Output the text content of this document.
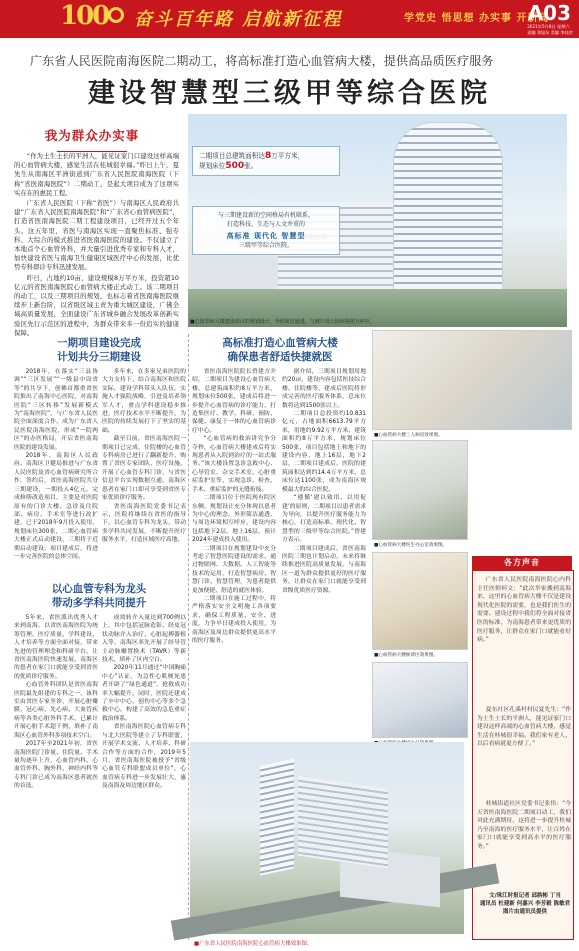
100 奋斗百年路 启航新征程	学党史 悟思想 办实事 开新局
A03
2021年5月8日 星期六
责编 刘旭东 美编 李佳彦
广东省人民医院南海医院二期动工，将高标准打造心血管病大楼，提供高品质医疗服务
建设智慧型三级甲等综合医院
我为群众办实事

“作为土生土长的平洲人，能见证家门口建设这样高端的心血管病大楼，感觉生活在桂城很幸福。”昨日上午，夏先生从南海区平洲街道到广东省人民医院南海医院（下称“省医南海医院”）二期动工，是起大项目成为了这项实实在在的惠民工程。

广东省人民医院（下称“省医”）与南海区人民政府共建“广东省人民医院南海医院”和“广东省心血管病医院”，打造省医南海医院二期工程建设项目，已经开过五个年头。这五年里，省医与南海区实现一直聚焦标准、强专科、大综合的模式推进省医南海医院的建设。不仅建立了本地首个心血管外科，并大量引进优秀专家和专科人才，加快建设省医与南海卫生健康区域医疗中心的发展，比优势专科即诊专科迅速发展。

昨日，占地约10亩，建设规模8万平方米，投资超10亿元的省医南海医院心血管病大楼正式动工。该二期项目的动工，以及三期项目的规划，也标志着省医南海医院继续步上新台阶，以省级区域主责为重大城区建设，广佛全域高质量发展，全面建设广东省城乡融合发展改革创新实验区先行示范区的进程中，为群众带来多一份追实的健康保障。

二期项目总建筑面积达8万平方米，
规划床位500张。
与三期建设新的空间格局有机联系，
打造科技、生态与人文并重的
高标准 现代化 智慧型
三级甲等综合医院。
■心血管病大楼建设项目的规划设计，外形简洁通透，与被片周公园环境相互呼应。
一期项目建设完成
计划共分三期建设

2018年，在落实“三县协调”“三区发展”“一级县中设省等”的共享下，创佛首都重省医院推出了南海中心医院，对南海医院“三区转移”发展新模式为“南海医院”，与广东省人民医院全面深度合作，成为广东省人民医院南海医院，形成“一院两区”的办医格局，开启省医南海医院的建设发展。

2018年，南海区人民政府、南海区卫健局推进与广东省人民医院及省心血管病研究所合作，签约后，省医南海医院共分三期建设，一期投入4亿元，完成修缮改造项目，主要是对医院原有的门诊大楼、急诊及住院部、病房、手术室等进行改扩建，已于2018年9月投入使用，规划床位300张，二期心血管病大楼正式启动建设，三期将于近期启动建设，项目建成后，将进一步完善医院的总体空间。

以心血管专科为龙头
带动多学科共同提升

5年来，省医派出优秀人才来到南海，以省医南海医院为统筹管理、医疗质量、学科建设，人才培养等方面全面对接，带来先进的管理理念和科研平台，让省医南海医院快速发展，南海区的患者在家门口就能享受到省医的优质诊疗服务。

心血管外科团队是省医南海医院最先组建的专科之一，该科室由省医专家坐诊，开展心脏瓣膜、冠心病、先心病、大血管疾病等各类心脏外科手术，已累计开展心脏手术超千例，填补了南海区心血管外科多项技术空白。

2017年至2021年初，省医南海医院门诊量、住院量、手术量均逐年上升，心血管内科、心血管外科、胸外科、神经内科等专科门诊已成为南海区患者就医的首选。

多年来，在多家兄弟医院的大力支持下，结合南海区和医院实际，建设学科带头人队伍，实施人才强院战略，引进及培养领军人才，重点学科建设稳步推进，医疗技术水平不断提升，为医院的持续发展打下了坚实的基础。

截至目前，省医南海医院一期项目已完成，住院楼的心血管专科病房已进行了翻新提升，购置了省医专家团队、医疗设施，开展了心血管专科门诊，与省医信息平台实现数据互通，南海区患者在家门口即可享受到省医专家优质诊疗服务。

省医南海医院党委书记表示，医院将继续在省医的指导下，以心血管专科为龙头，带动多学科共同发展，不断提升医疗服务水平，打造区域医疗高地。

成效转介入量达到700例以上，其中包括冠脉造影、经皮冠状动脉介入治疗、心脏起搏器植入等，南海区率先开展了经导管主动脉瓣置换术（TAVR）等新技术，填补了区内空白。

2020年11月通过“中国胸痛中心”认证，为急性心肌梗死患者开辟了“绿色通道”，抢救成功率大幅提升。同时，医院还建成了卒中中心、创伤中心等多个急救中心，构建了高效的急危重症救治体系。

省医南海医院心血管病专科与北大医院等建立了专科联盟，开展学术交流、人才培养、科研合作等方面的合作，2019年5月，省医南海医院被授予“省级心血管专科联盟成员单位”，心血管病专科进一步发展壮大，惠及南海及周边地区群众。

高标准打造心血管病大楼
确保患者舒适快捷就医

省医南海医院院长曾建方介绍，二期项目为建设心血管病大楼，总建筑面积约8万平方米，规划床位500张，建成后将进一步提升心血管病的诊疗能力，打造集医疗、教学、科研、预防、保健、康复于一体的心血管病诊疗中心。

“心血管病的救治讲究争分夺秒，心血管病大楼建成后将实现患者从入院到治疗的一站式服务。”该大楼设置急诊急救中心、心导管室、杂交手术室、心脏重症监护室等，实现急诊、检查、手术、重症监护的无缝衔接。

二期项目位于医院现有院区东侧，规划设计充分体现以患者为中心的理念，外形简洁通透，与周边环境相互呼应，建设内容包括地下2层、地上16层，预计2024年建成投入使用。

二期项目在规划建设中充分考虑了智慧医院建设的需求，通过物联网、大数据、人工智能等技术的运用，打造智慧病房、智慧门诊、智慧管理，为患者提供更加便捷、舒适的就医体验。

二期项目在施工过程中，将严格落实安全文明施工各项要求，确保工程质量、安全、进度，力争早日建成投入使用，为南海区及周边群众提供更高水平的医疗服务。

据介绍，三期项目规划用地约20亩，建设内容包括医技综合楼、住院楼等，建成后医院将形成完善的医疗服务体系，总床位数将达到1500张以上。

二期项目总投资约10.831亿元，占地面积6613.79平方米，用地约9.92万平方米，建筑面积约8万平方米，规划床位500张，项目包括地上和地下的建设内容，地上16层，地下2层，二期项目建成后，医院的建筑面积达到约14.4万平方米，总床位达1100张，成为南海区规模最大的综合医院。

“遵循‘建以致用、以用促建’的原则，二期项目以患者需求为导向，以提升医疗服务能力为核心，打造高标准、现代化、智慧型的三级甲等综合医院。”曾建方表示。

二期项目建成后，省医南海医院三期也计划启动，未来将继续推进医院高质量发展，与南海区一道为群众提供更好的医疗服务，让群众在家门口就能享受到省级优质医疗资源。

■心血管病大楼三人病房效果图。
■心血管病大楼医生办公室效果图。
■心血管病大楼候诊区效果图。
各方声音

广东省人民医院南海医院心内科主任医师何文：“此次举家搬到南海来，这里的心血管病大楼不仅是建设现代化医院的需要，也是我们医生的需要。建设过程中我们将全面对接省医的标准，为南海患者带来更优质的医疗服务，让群众在家门口就能看好病。”

夏东社区孔溪村村民夏先生：“作为土生土长的平洲人，能见证家门口建设这样高端的心血管病大楼，感觉生活在桂城很幸福。我们家有老人，以后看病就更方便了。”

桂城街道社区党委书记张伟：“今天省医南海医院二期项目动工，我们对此充满期待，这将进一步提升桂城乃至南海的医疗服务水平，让百姓在家门口就能享受到高水平的医疗服务。”

文/珠江时报记者 邱韵彬 丁当
通讯员 杜建新 何嘉兴 李芳毅 陈敏君
图片由通讯员提供
■广东省人民医院南海医院心血管病大楼效果图。
